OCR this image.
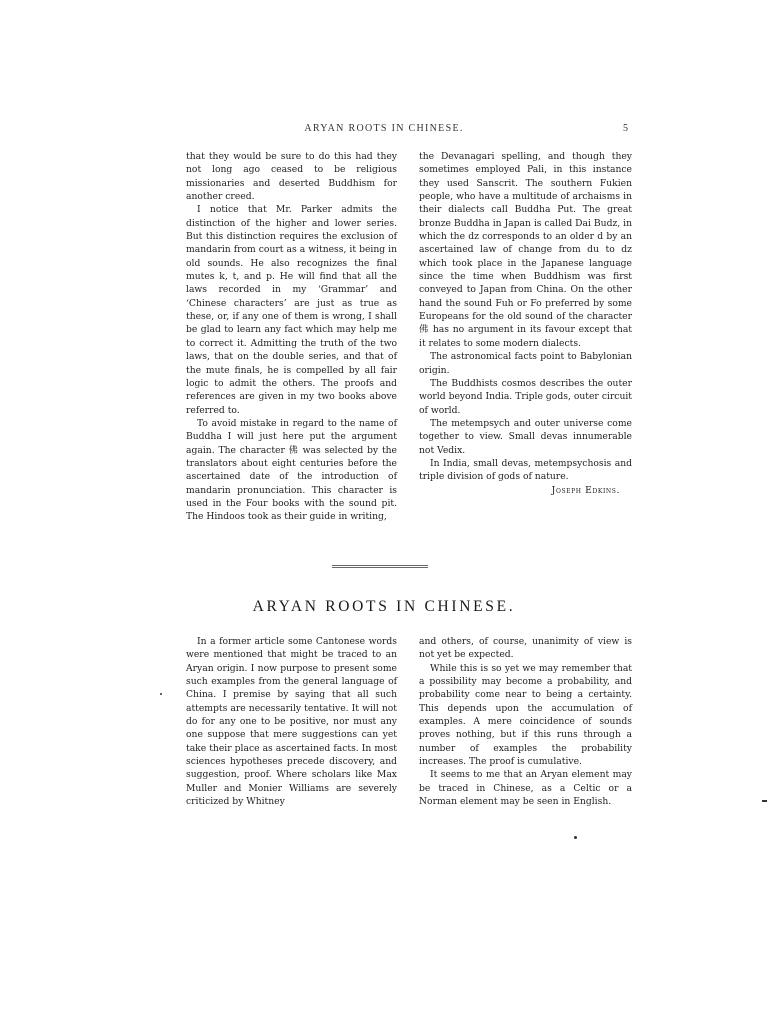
ARYAN ROOTS IN CHINESE.	5

that they would be sure to do this had they not long ago ceased to be religious missionaries and deserted Buddhism for another creed.

I notice that Mr. Parker admits the distinction of the higher and lower series. But this distinction requires the exclusion of mandarin from court as a witness, it being in old sounds. He also recognizes the final mutes k, t, and p. He will find that all the laws recorded in my ‘Grammar’ and ‘Chinese characters’ are just as true as these, or, if any one of them is wrong, I shall be glad to learn any fact which may help me to correct it. Admitting the truth of the two laws, that on the double series, and that of the mute finals, he is compelled by all fair logic to admit the others. The proofs and references are given in my two books above referred to.

To avoid mistake in regard to the name of Buddha I will just here put the argument again. The character 佛 was selected by the translators about eight centuries before the ascertained date of the introduction of mandarin pronunciation. This character is used in the Four books with the sound pit. The Hindoos took as their guide in writing,

the Devanagari spelling, and though they sometimes employed Pali, in this instance they used Sanscrit. The southern Fukien people, who have a multitude of archaisms in their dialects call Buddha Put. The great bronze Buddha in Japan is called Dai Budz, in which the dz corresponds to an older d by an ascertained law of change from du to dz which took place in the Japanese language since the time when Buddhism was first conveyed to Japan from China. On the other hand the sound Fuh or Fo preferred by some Europeans for the old sound of the character 佛 has no argument in its favour except that it relates to some modern dialects.

The astronomical facts point to Babylonian origin.

The Buddhists cosmos describes the outer world beyond India. Triple gods, outer circuit of world.

The metempsych and outer universe come together to view. Small devas innumerable not Vedix.

In India, small devas, metempsychosis and triple division of gods of nature.

Joseph Edkins.

ARYAN ROOTS IN CHINESE.

In a former article some Cantonese words were mentioned that might be traced to an Aryan origin. I now purpose to present some such examples from the general language of China. I premise by saying that all such attempts are necessarily tentative. It will not do for any one to be positive, nor must any one suppose that mere suggestions can yet take their place as ascertained facts. In most sciences hypotheses precede discovery, and suggestion, proof. Where scholars like Max Muller and Monier Williams are severely criticized by Whitney

and others, of course, unanimity of view is not yet be expected.

While this is so yet we may remember that a possibility may become a probability, and probability come near to being a certainty. This depends upon the accumulation of examples. A mere coincidence of sounds proves nothing, but if this runs through a number of examples the probability increases. The proof is cumulative.

It seems to me that an Aryan element may be traced in Chinese, as a Celtic or a Norman element may be seen in English.
